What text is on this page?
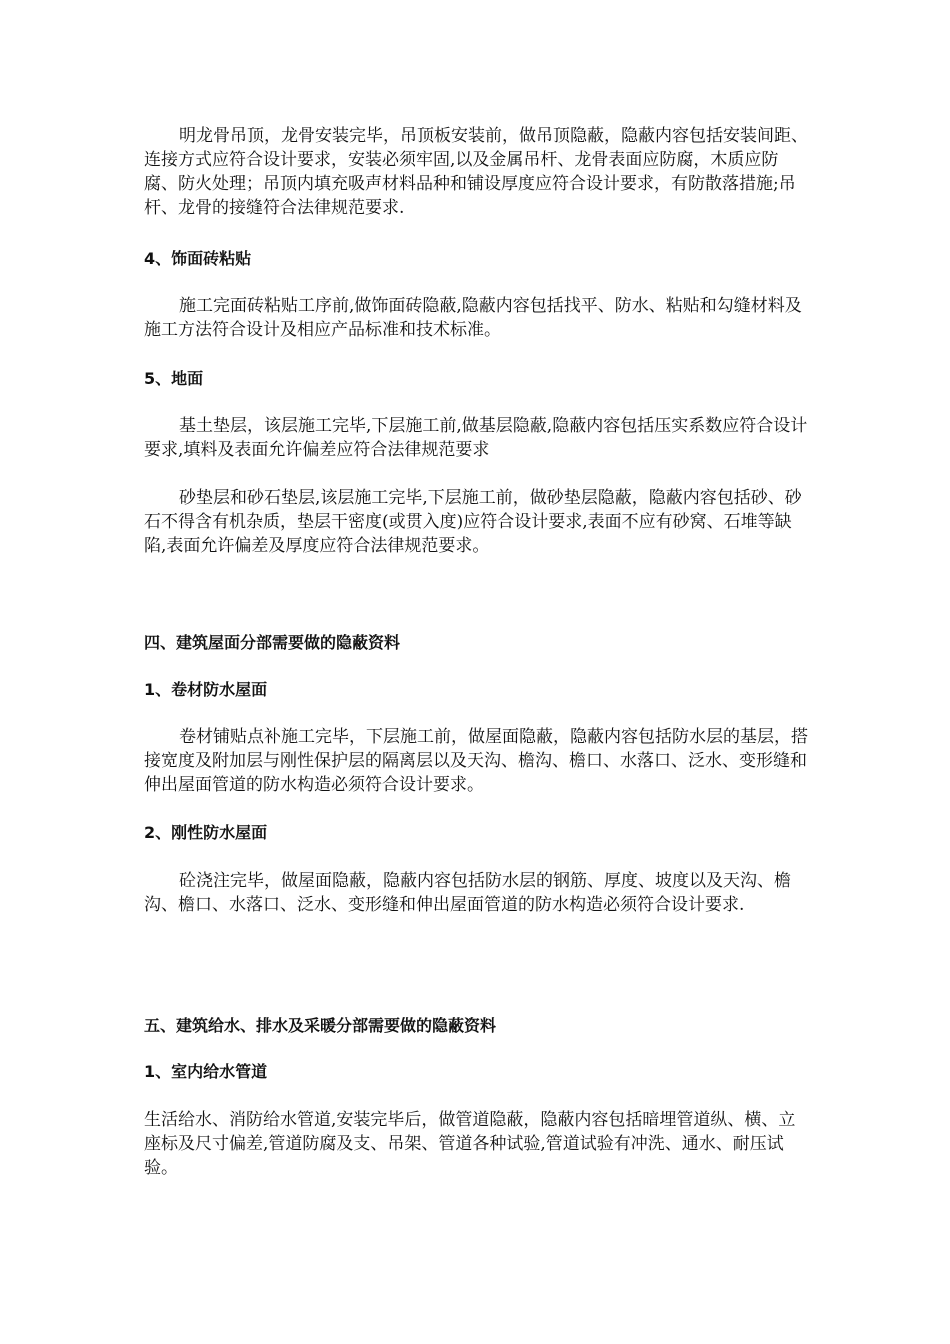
明龙骨吊顶，龙骨安装完毕，吊顶板安装前，做吊顶隐蔽，隐蔽内容包括安装间距、连接方式应符合设计要求，安装必须牢固,以及金属吊杆、龙骨表面应防腐，木质应防腐、防火处理；吊顶内填充吸声材料品种和铺设厚度应符合设计要求，有防散落措施;吊杆、龙骨的接缝符合法律规范要求.

4、饰面砖粘贴

施工完面砖粘贴工序前,做饰面砖隐蔽,隐蔽内容包括找平、防水、粘贴和勾缝材料及施工方法符合设计及相应产品标准和技术标准。

5、地面

基土垫层，该层施工完毕,下层施工前,做基层隐蔽,隐蔽内容包括压实系数应符合设计要求,填料及表面允许偏差应符合法律规范要求

砂垫层和砂石垫层,该层施工完毕,下层施工前，做砂垫层隐蔽，隐蔽内容包括砂、砂石不得含有机杂质，垫层干密度(或贯入度)应符合设计要求,表面不应有砂窝、石堆等缺陷,表面允许偏差及厚度应符合法律规范要求。

四、建筑屋面分部需要做的隐蔽资料
1、卷材防水屋面

卷材铺贴点补施工完毕，下层施工前，做屋面隐蔽，隐蔽内容包括防水层的基层，搭接宽度及附加层与刚性保护层的隔离层以及天沟、檐沟、檐口、水落口、泛水、变形缝和伸出屋面管道的防水构造必须符合设计要求。

2、刚性防水屋面

砼浇注完毕，做屋面隐蔽，隐蔽内容包括防水层的钢筋、厚度、坡度以及天沟、檐沟、檐口、水落口、泛水、变形缝和伸出屋面管道的防水构造必须符合设计要求.

五、建筑给水、排水及采暖分部需要做的隐蔽资料
1、室内给水管道

生活给水、消防给水管道,安装完毕后，做管道隐蔽，隐蔽内容包括暗埋管道纵、横、立座标及尺寸偏差,管道防腐及支、吊架、管道各种试验,管道试验有冲洗、通水、耐压试验。
